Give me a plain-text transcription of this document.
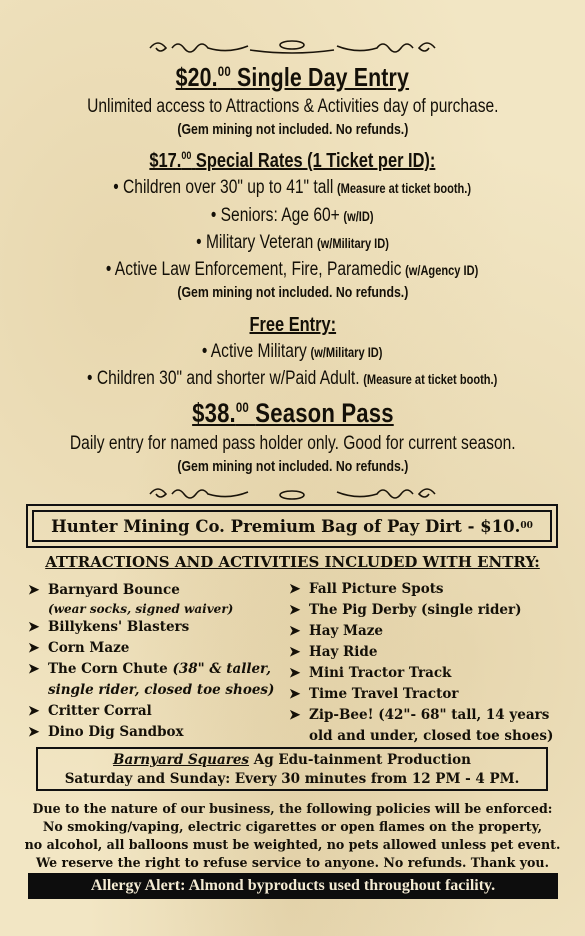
$20.00 Single Day Entry
Unlimited access to Attractions & Activities day of purchase.
(Gem mining not included. No refunds.)
$17.00 Special Rates (1 Ticket per ID):
• Children over 30" up to 41" tall (Measure at ticket booth.)
• Seniors: Age 60+ (w/ID)
• Military Veteran (w/Military ID)
• Active Law Enforcement, Fire, Paramedic (w/Agency ID)
(Gem mining not included. No refunds.)
Free Entry:
• Active Military (w/Military ID)
• Children 30" and shorter w/Paid Adult. (Measure at ticket booth.)
$38.00 Season Pass
Daily entry for named pass holder only. Good for current season.
(Gem mining not included. No refunds.)
Hunter Mining Co. Premium Bag of Pay Dirt - $10. 00
ATTRACTIONS AND ACTIVITIES INCLUDED WITH ENTRY:
➤ Barnyard Bounce
(wear socks, signed waiver)
➤ Billykens' Blasters
➤ Corn Maze
➤ The Corn Chute (38" & taller,
single rider, closed toe shoes)
➤ Critter Corral
➤ Dino Dig Sandbox
➤ Fall Picture Spots
➤ The Pig Derby (single rider)
➤ Hay Maze
➤ Hay Ride
➤ Mini Tractor Track
➤ Time Travel Tractor
➤ Zip-Bee! (42"- 68" tall, 14 years
old and under, closed toe shoes)
Barnyard Squares Ag Edu-tainment Production
Saturday and Sunday: Every 30 minutes from 12 PM - 4 PM.
Due to the nature of our business, the following policies will be enforced:
No smoking/vaping, electric cigarettes or open flames on the property,
no alcohol, all balloons must be weighted, no pets allowed unless pet event.
We reserve the right to refuse service to anyone. No refunds. Thank you.
Allergy Alert: Almond byproducts used throughout facility.
